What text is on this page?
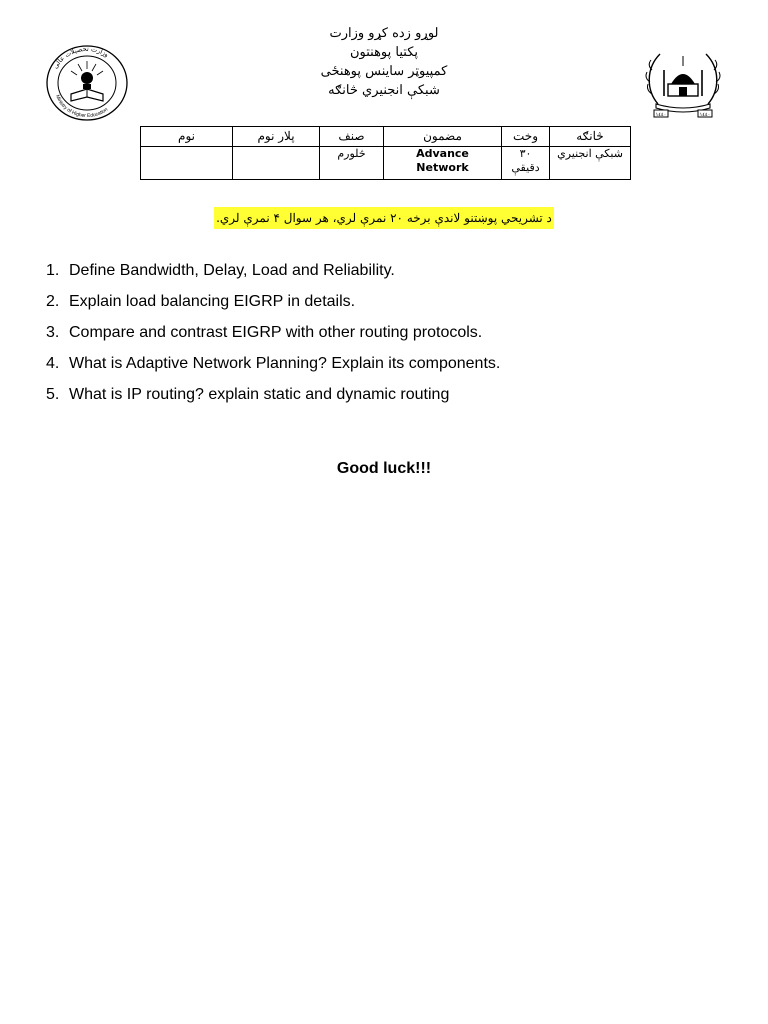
وزارت تحصیلات عالی
Ministry of Higher Education
لوړو زده کړو وزارت
پکتیا پوهنتون
کمپیوټر ساینس پوهنځی
شبکې انجنیري څانګه
١٤٤٠	١٤٤٠
څانګه	وخت	مضمون	صنف	پلار نوم	نوم
شبکې انجنیري	۳۰ دقیقې	Advance Network	څلورم		
د تشریحي پوښتنو لاندې برخه ۲۰ نمرې لري، هر سوال ۴ نمرې لري.
1. Define Bandwidth, Delay, Load and Reliability.
2. Explain load balancing EIGRP in details.
3. Compare and contrast EIGRP with other routing protocols.
4. What is Adaptive Network Planning? Explain its components.
5. What is IP routing? explain static and dynamic routing
Good luck!!!
